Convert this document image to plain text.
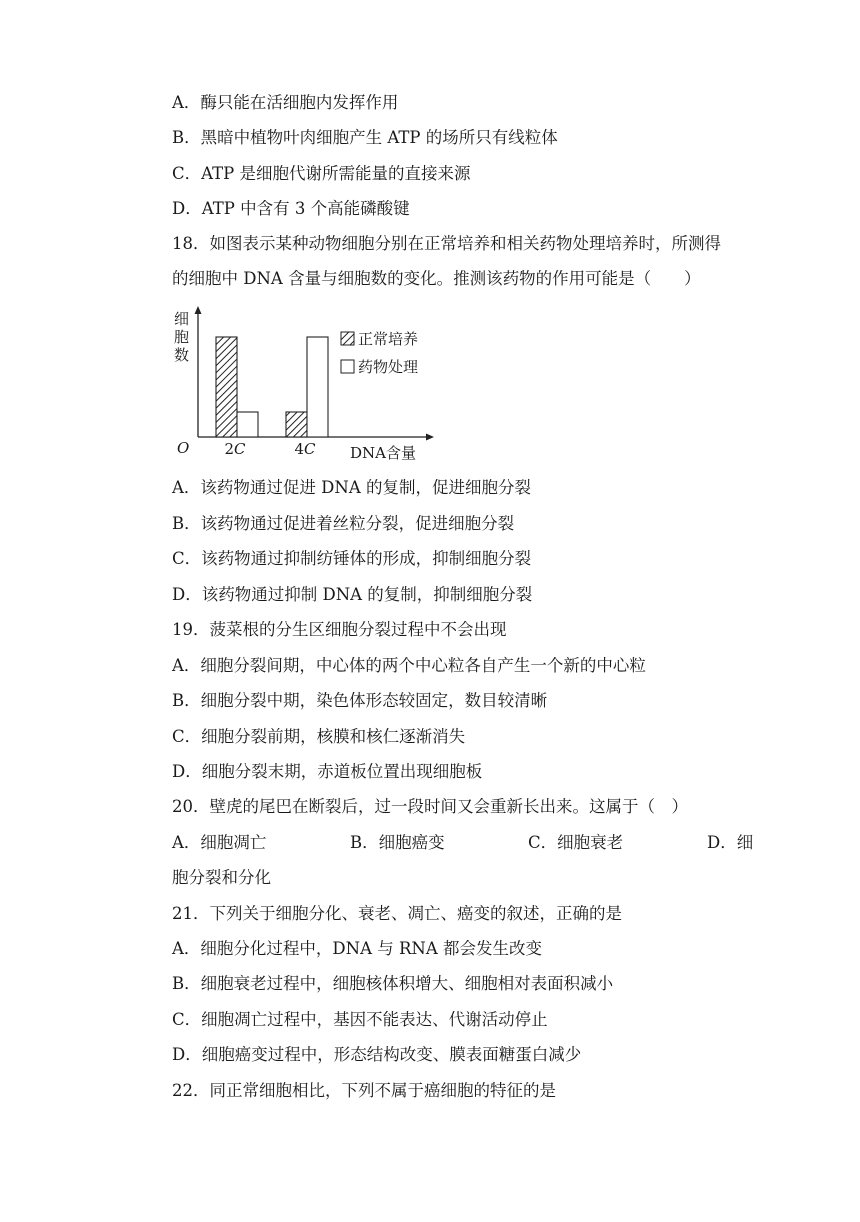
A．酶只能在活细胞内发挥作用
B．黑暗中植物叶肉细胞产生 ATP 的场所只有线粒体
C．ATP 是细胞代谢所需能量的直接来源
D．ATP 中含有 3 个高能磷酸键
18．如图表示某种动物细胞分别在正常培养和相关药物处理培养时，所测得
的细胞中 DNA 含量与细胞数的变化。推测该药物的作用可能是（　　）
细胞数
O 2C	4C DNA含量
正常培养
药物处理
A．该药物通过促进 DNA 的复制，促进细胞分裂
B．该药物通过促进着丝粒分裂，促进细胞分裂
C．该药物通过抑制纺锤体的形成，抑制细胞分裂
D．该药物通过抑制 DNA 的复制，抑制细胞分裂
19．菠菜根的分生区细胞分裂过程中不会出现
A．细胞分裂间期，中心体的两个中心粒各自产生一个新的中心粒
B．细胞分裂中期，染色体形态较固定，数目较清晰
C．细胞分裂前期，核膜和核仁逐渐消失
D．细胞分裂末期，赤道板位置出现细胞板
20．壁虎的尾巴在断裂后，过一段时间又会重新长出来。这属于（　）
A．细胞凋亡	B．细胞癌变	C．细胞衰老	D．细
胞分裂和分化
21．下列关于细胞分化、衰老、凋亡、癌变的叙述，正确的是
A．细胞分化过程中，DNA 与 RNA 都会发生改变
B．细胞衰老过程中，细胞核体积增大、细胞相对表面积减小
C．细胞凋亡过程中，基因不能表达、代谢活动停止
D．细胞癌变过程中，形态结构改变、膜表面糖蛋白减少
22．同正常细胞相比，下列不属于癌细胞的特征的是
